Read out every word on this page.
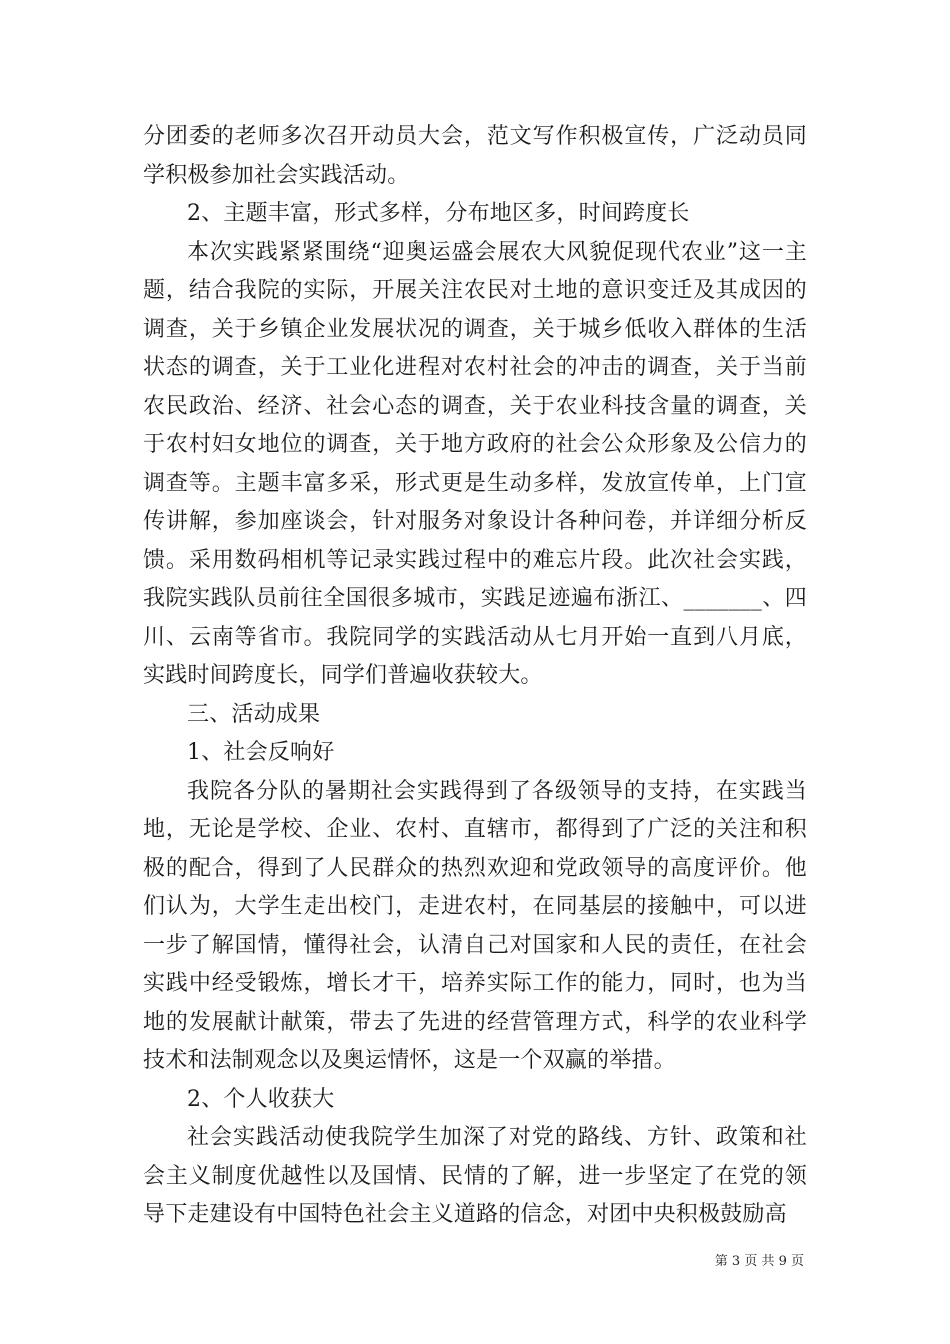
分团委的老师多次召开动员大会，范文写作积极宣传，广泛动员同学积极参加社会实践活动。

2、主题丰富，形式多样，分布地区多，时间跨度长

本次实践紧紧围绕“迎奥运盛会展农大风貌促现代农业”这一主题，结合我院的实际，开展关注农民对土地的意识变迁及其成因的调查，关于乡镇企业发展状况的调查，关于城乡低收入群体的生活状态的调查，关于工业化进程对农村社会的冲击的调查，关于当前农民政治、经济、社会心态的调查，关于农业科技含量的调查，关于农村妇女地位的调查，关于地方政府的社会公众形象及公信力的调查等。主题丰富多采，形式更是生动多样，发放宣传单，上门宣传讲解，参加座谈会，针对服务对象设计各种问卷，并详细分析反馈。采用数码相机等记录实践过程中的难忘片段。此次社会实践，我院实践队员前往全国很多城市，实践足迹遍布浙江、_______、四川、云南等省市。我院同学的实践活动从七月开始一直到八月底，实践时间跨度长，同学们普遍收获较大。

三、活动成果

1、社会反响好

我院各分队的暑期社会实践得到了各级领导的支持，在实践当地，无论是学校、企业、农村、直辖市，都得到了广泛的关注和积极的配合，得到了人民群众的热烈欢迎和党政领导的高度评价。他们认为，大学生走出校门，走进农村，在同基层的接触中，可以进一步了解国情，懂得社会，认清自己对国家和人民的责任，在社会实践中经受锻炼，增长才干，培养实际工作的能力，同时，也为当地的发展献计献策，带去了先进的经营管理方式，科学的农业科学技术和法制观念以及奥运情怀，这是一个双赢的举措。

2、个人收获大

社会实践活动使我院学生加深了对党的路线、方针、政策和社会主义制度优越性以及国情、民情的了解，进一步坚定了在党的领导下走建设有中国特色社会主义道路的信念，对团中央积极鼓励高

第 3 页 共 9 页
